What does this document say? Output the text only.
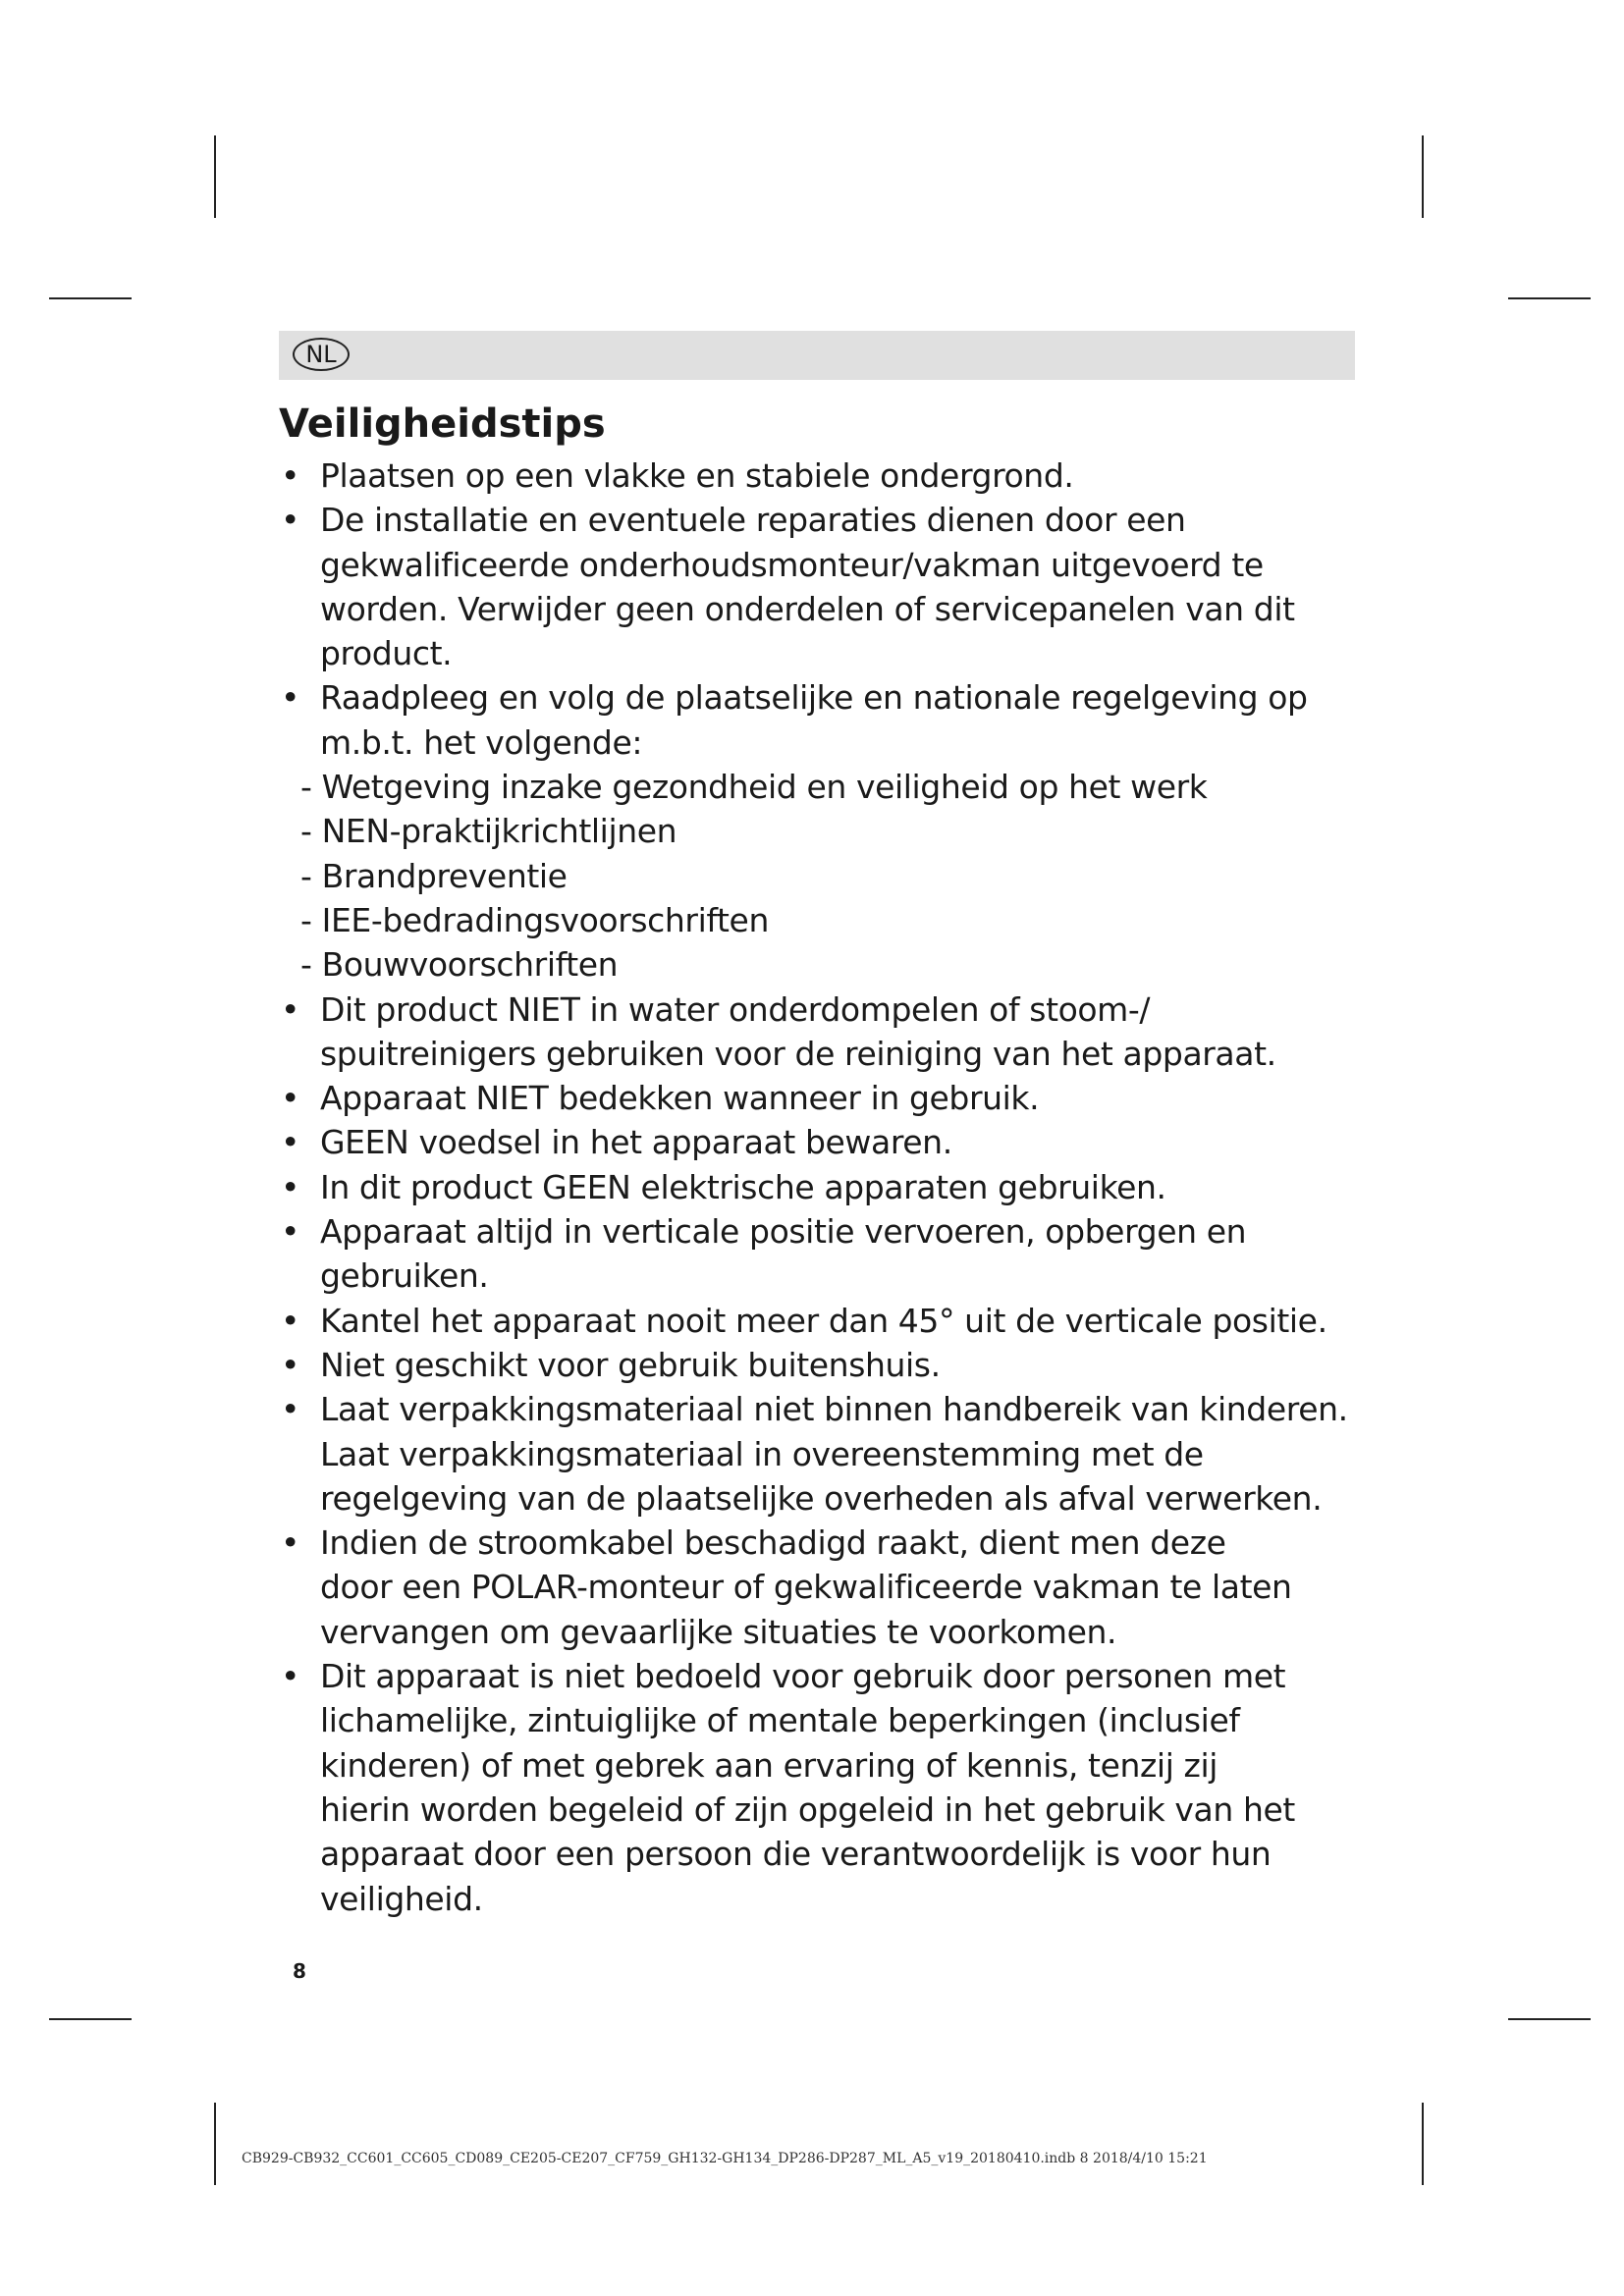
NL
Veiligheidstips
• Plaatsen op een vlakke en stabiele ondergrond.
• De installatie en eventuele reparaties dienen door een
gekwalificeerde onderhoudsmonteur/vakman uitgevoerd te
worden. Verwijder geen onderdelen of servicepanelen van dit
product.
• Raadpleeg en volg de plaatselijke en nationale regelgeving op
m.b.t. het volgende:
- Wetgeving inzake gezondheid en veiligheid op het werk
- NEN-praktijkrichtlijnen
- Brandpreventie
- IEE-bedradingsvoorschriften
- Bouwvoorschriften
• Dit product NIET in water onderdompelen of stoom-/
spuitreinigers gebruiken voor de reiniging van het apparaat.
• Apparaat NIET bedekken wanneer in gebruik.
• GEEN voedsel in het apparaat bewaren.
• In dit product GEEN elektrische apparaten gebruiken.
• Apparaat altijd in verticale positie vervoeren, opbergen en
gebruiken.
• Kantel het apparaat nooit meer dan 45° uit de verticale positie.
• Niet geschikt voor gebruik buitenshuis.
• Laat verpakkingsmateriaal niet binnen handbereik van kinderen.
Laat verpakkingsmateriaal in overeenstemming met de
regelgeving van de plaatselijke overheden als afval verwerken.
• Indien de stroomkabel beschadigd raakt, dient men deze
door een POLAR-monteur of gekwalificeerde vakman te laten
vervangen om gevaarlijke situaties te voorkomen.
• Dit apparaat is niet bedoeld voor gebruik door personen met
lichamelijke, zintuiglijke of mentale beperkingen (inclusief
kinderen) of met gebrek aan ervaring of kennis, tenzij zij
hierin worden begeleid of zijn opgeleid in het gebruik van het
apparaat door een persoon die verantwoordelijk is voor hun
veiligheid.
8
CB929-CB932_CC601_CC605_CD089_CE205-CE207_CF759_GH132-GH134_DP286-DP287_ML_A5_v19_20180410.indb 8 2018/4/10 15:21
